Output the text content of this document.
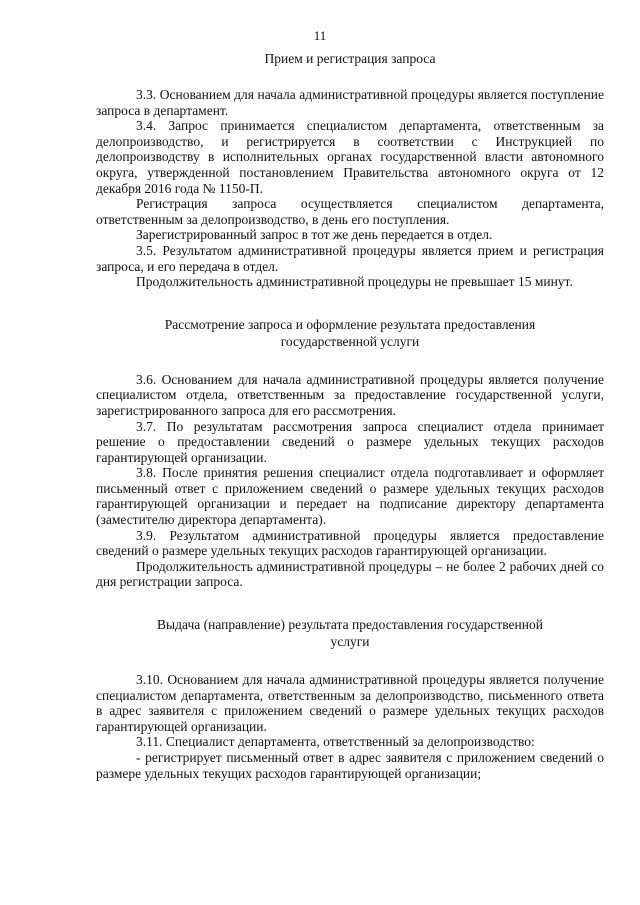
11

Прием и регистрация запроса

3.3. Основанием для начала административной процедуры является поступление запроса в департамент.

3.4. Запрос принимается специалистом департамента, ответственным за делопроизводство, и регистрируется в соответствии с Инструкцией по делопроизводству в исполнительных органах государственной власти автономного округа, утвержденной постановлением Правительства автономного округа от 12 декабря 2016 года № 1150-П.

Регистрация запроса осуществляется специалистом департамента, ответственным за делопроизводство, в день его поступления.

Зарегистрированный запрос в тот же день передается в отдел.

3.5. Результатом административной процедуры является прием и регистрация запроса, и его передача в отдел.

Продолжительность административной процедуры не превышает 15 минут.

Рассмотрение запроса и оформление результата предоставления

государственной услуги

3.6. Основанием для начала административной процедуры является получение специалистом отдела, ответственным за предоставление государственной услуги, зарегистрированного запроса для его рассмотрения.

3.7. По результатам рассмотрения запроса специалист отдела принимает решение о предоставлении сведений о размере удельных текущих расходов гарантирующей организации.

3.8. После принятия решения специалист отдела подготавливает и оформляет письменный ответ с приложением сведений о размере удельных текущих расходов гарантирующей организации и передает на подписание директору департамента (заместителю директора департамента).

3.9. Результатом административной процедуры является предоставление сведений о размере удельных текущих расходов гарантирующей организации.

Продолжительность административной процедуры – не более 2 рабочих дней со дня регистрации запроса.

Выдача (направление) результата предоставления государственной

услуги

3.10. Основанием для начала административной процедуры является получение специалистом департамента, ответственным за делопроизводство, письменного ответа в адрес заявителя с приложением сведений о размере удельных текущих расходов гарантирующей организации.

3.11. Специалист департамента, ответственный за делопроизводство:

- регистрирует письменный ответ в адрес заявителя с приложением сведений о размере удельных текущих расходов гарантирующей организации;
